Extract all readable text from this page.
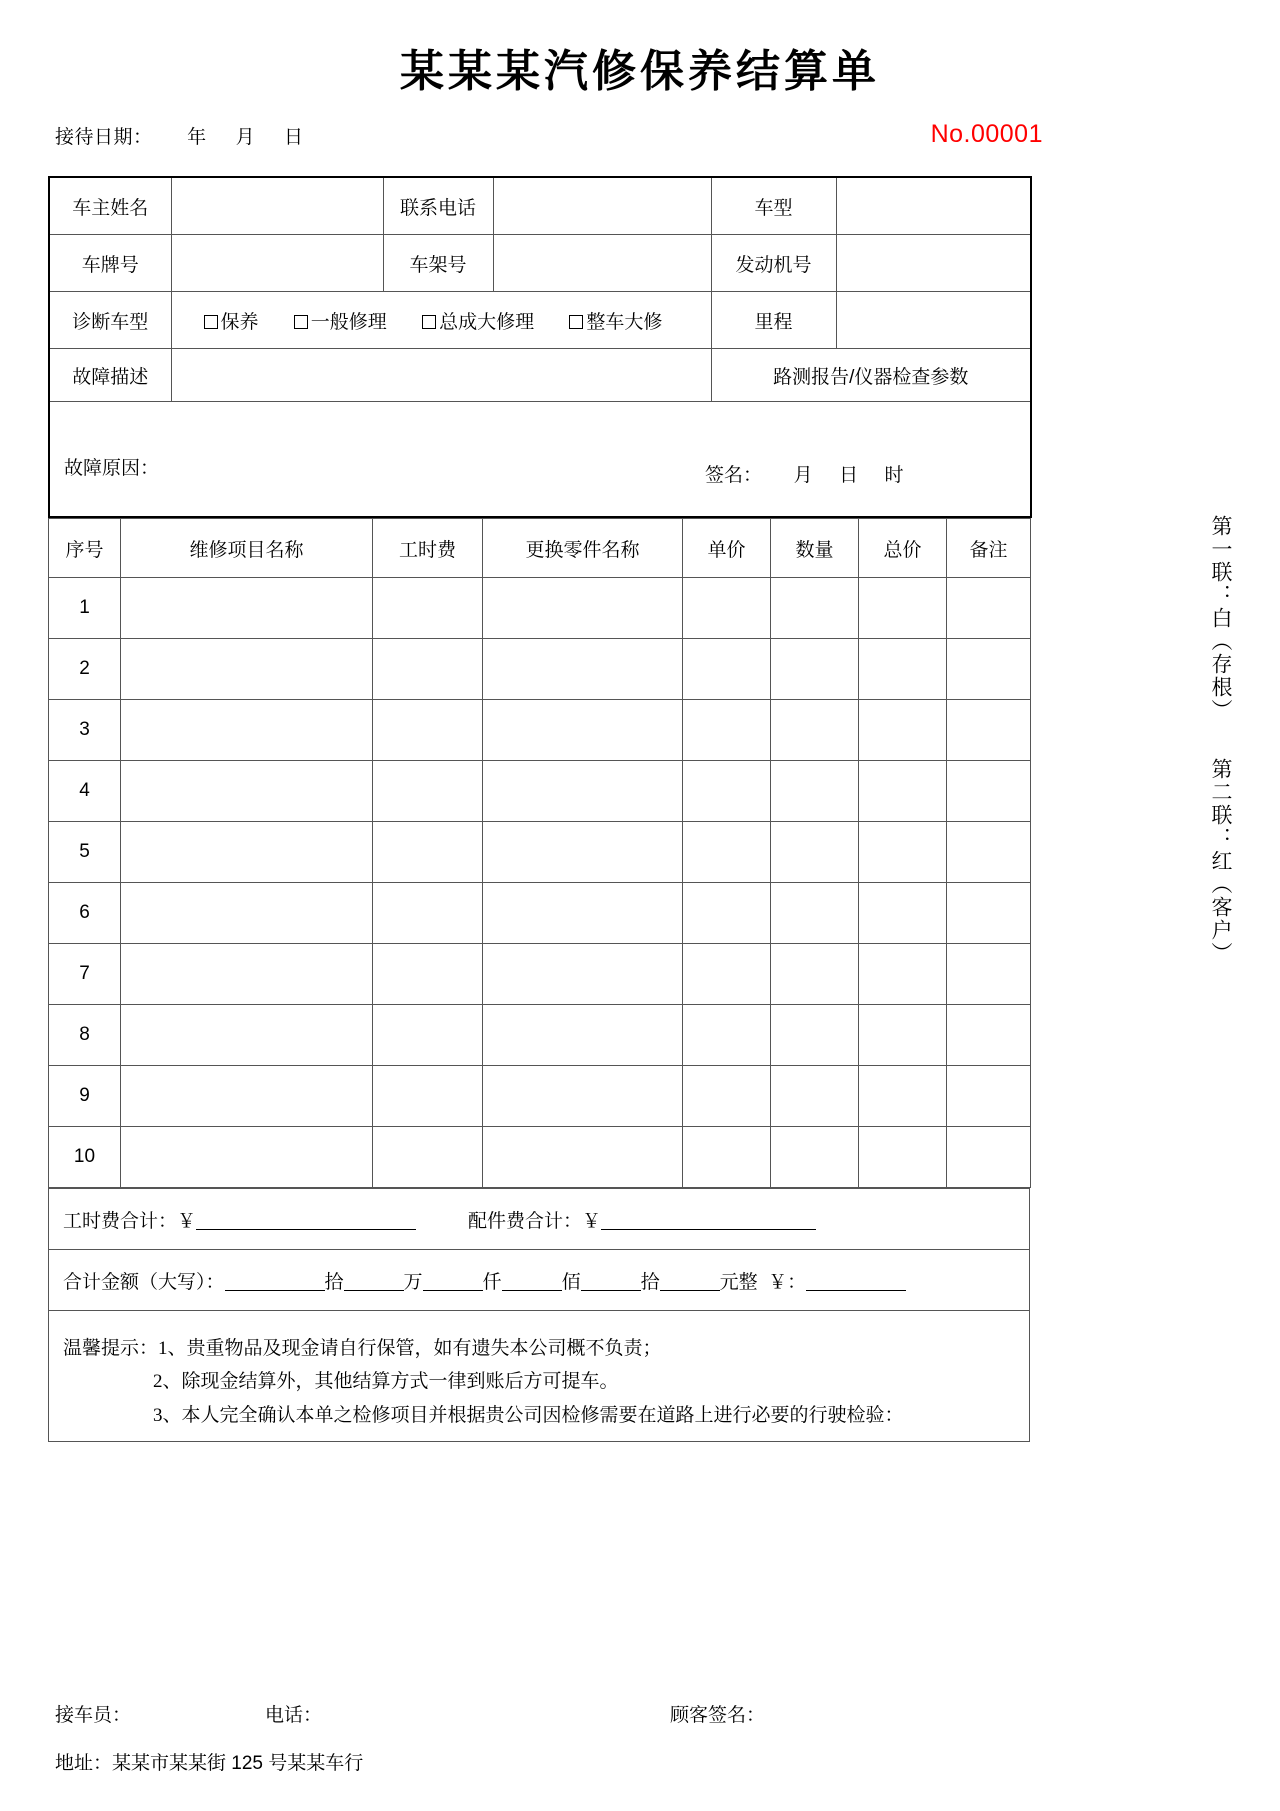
某某某汽修保养结算单
接待日期：      年     月     日	No.00001
车主姓名		联系电话		车型	
车牌号		车架号		发动机号	
诊断车型	保养 一般修理 总成大修理 整车大修			里程	
故障描述				路测报告/仪器检查参数	

故障原因： 签名：      月     日     时					
序号	维修项目名称	工时费	更换零件名称	单价	数量	总价	备注
1							
2							
3							
4							
5							
6							
7							
8							
9							
10							
工时费合计：￥	配件费合计：￥
合计金额（大写）：	拾	万	仟	佰	拾	元整 ￥：

温馨提示：1、贵重物品及现金请自行保管，如有遗失本公司概不负责；
2、除现金结算外，其他结算方式一律到账后方可提车。
3、本人完全确认本单之检修项目并根据贵公司因检修需要在道路上进行必要的行驶检验：
接车员：	电话：	顾客签名：
地址：某某市某某街 125 号某某车行
第一联：白（存根）
第二联：红（客户）
